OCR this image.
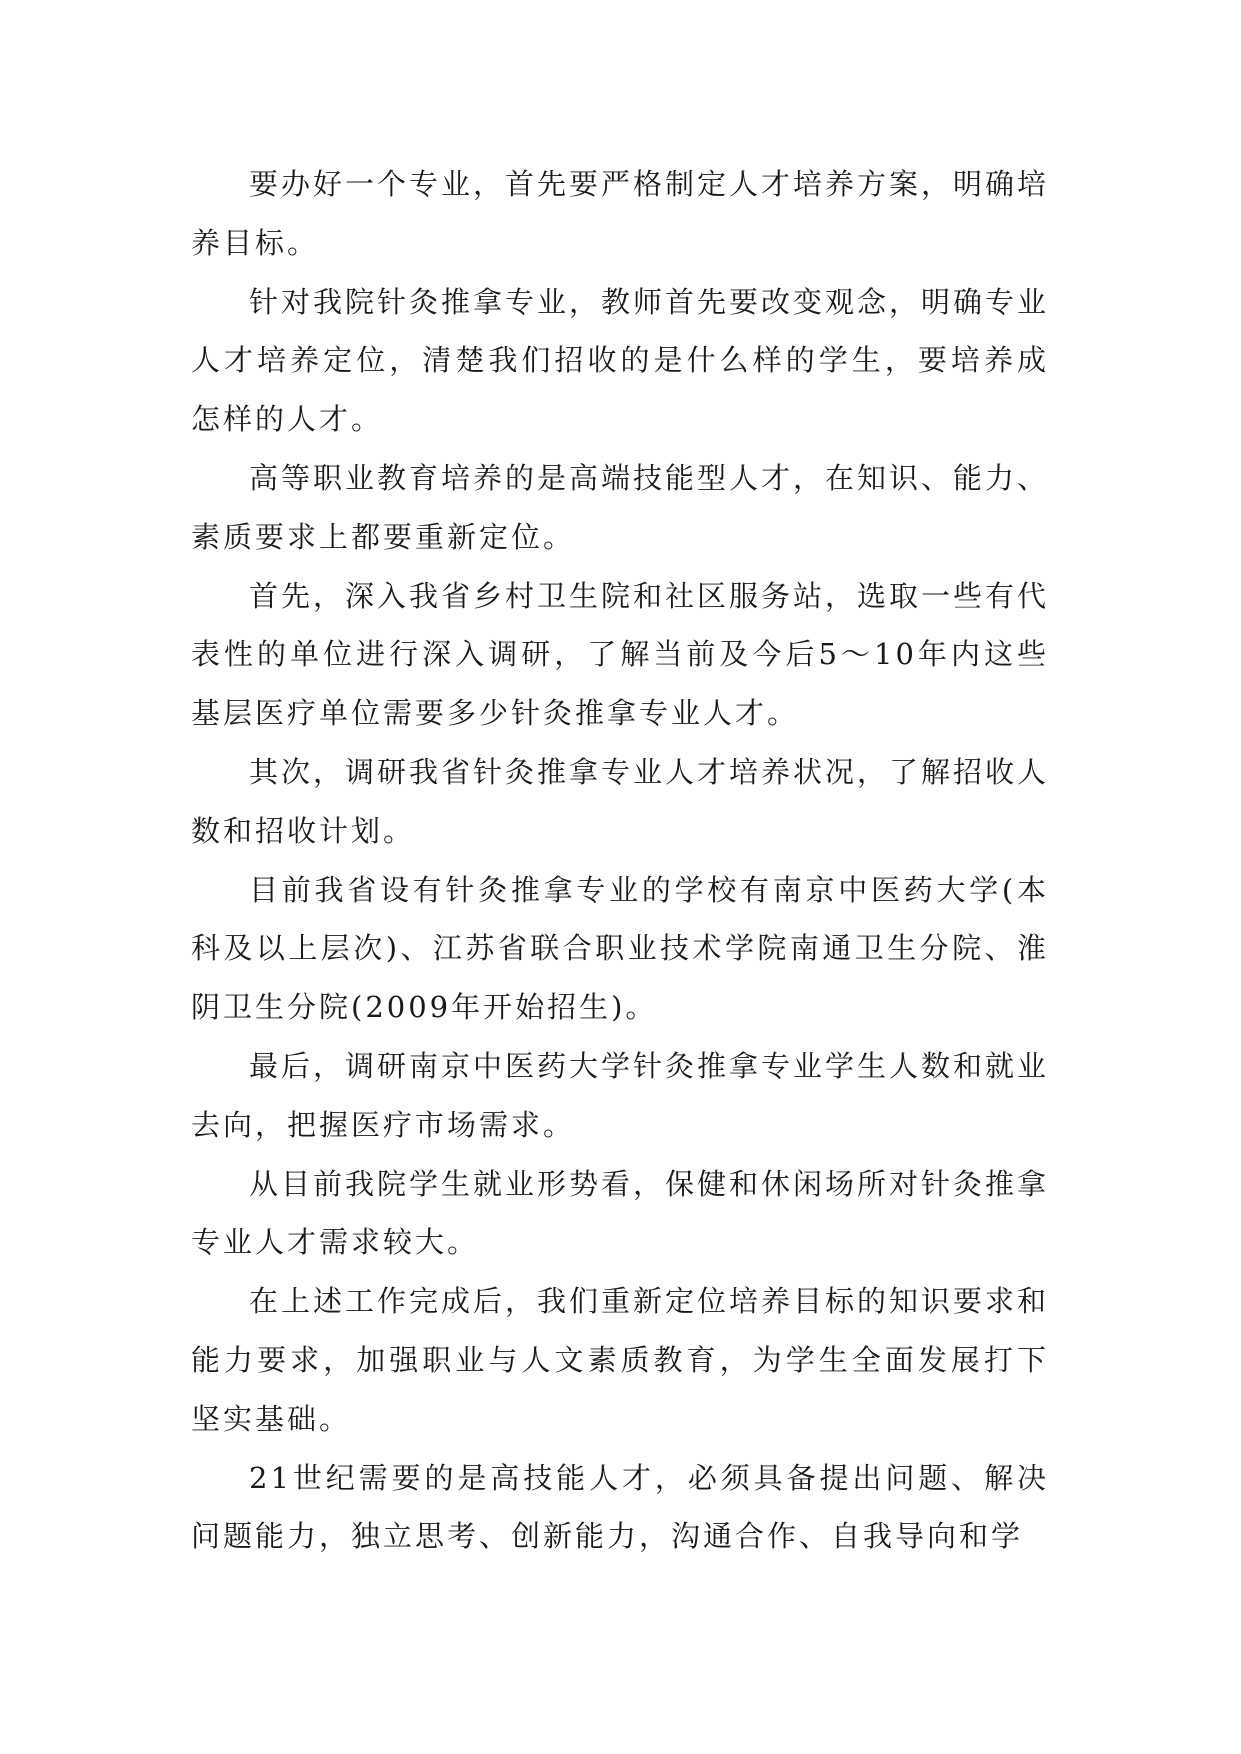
要办好一个专业，首先要严格制定人才培养方案，明确培养目标。

针对我院针灸推拿专业，教师首先要改变观念，明确专业人才培养定位，清楚我们招收的是什么样的学生，要培养成怎样的人才。

高等职业教育培养的是高端技能型人才，在知识、能力、素质要求上都要重新定位。

首先，深入我省乡村卫生院和社区服务站，选取一些有代表性的单位进行深入调研，了解当前及今后5～10年内这些基层医疗单位需要多少针灸推拿专业人才。

其次，调研我省针灸推拿专业人才培养状况，了解招收人数和招收计划。

目前我省设有针灸推拿专业的学校有南京中医药大学(本科及以上层次)、江苏省联合职业技术学院南通卫生分院、淮阴卫生分院(2009年开始招生)。

最后，调研南京中医药大学针灸推拿专业学生人数和就业去向，把握医疗市场需求。

从目前我院学生就业形势看，保健和休闲场所对针灸推拿专业人才需求较大。

在上述工作完成后，我们重新定位培养目标的知识要求和能力要求，加强职业与人文素质教育，为学生全面发展打下坚实基础。

21世纪需要的是高技能人才，必须具备提出问题、解决问题能力，独立思考、创新能力，沟通合作、自我导向和学
